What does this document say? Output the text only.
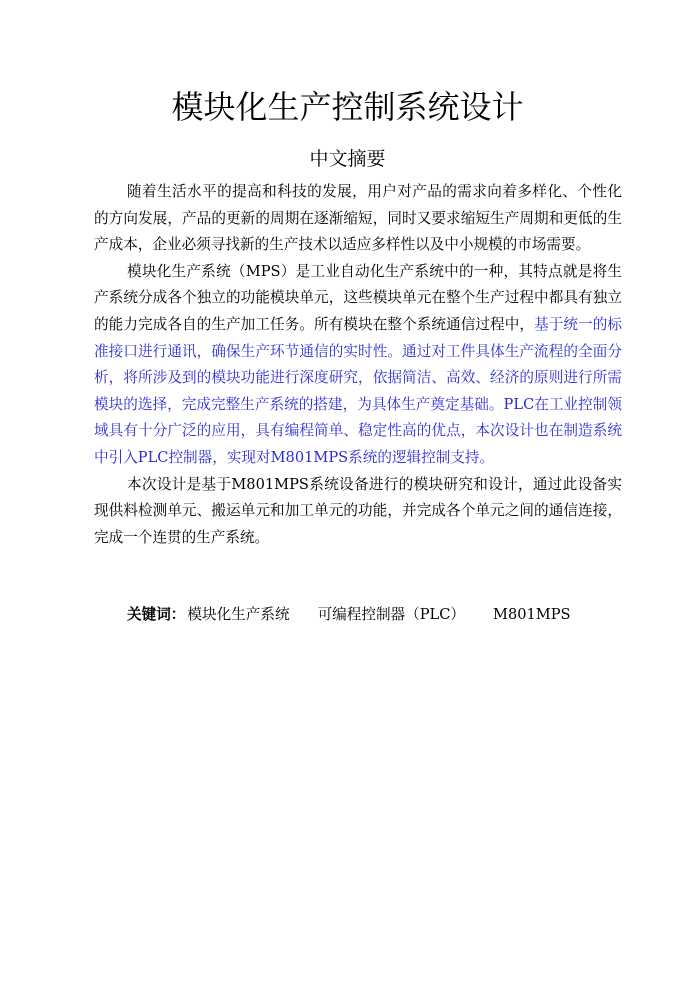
模块化生产控制系统设计
中文摘要

随着生活水平的提高和科技的发展，用户对产品的需求向着多样化、个性化的方向发展，产品的更新的周期在逐渐缩短，同时又要求缩短生产周期和更低的生产成本，企业必须寻找新的生产技术以适应多样性以及中小规模的市场需要。

模块化生产系统（MPS）是工业自动化生产系统中的一种，其特点就是将生产系统分成各个独立的功能模块单元，这些模块单元在整个生产过程中都具有独立的能力完成各自的生产加工任务。所有模块在整个系统通信过程中，基于统一的标准接口进行通讯，确保生产环节通信的实时性。通过对工件具体生产流程的全面分析，将所涉及到的模块功能进行深度研究，依据简洁、高效、经济的原则进行所需模块的选择，完成完整生产系统的搭建，为具体生产奠定基础。PLC在工业控制领域具有十分广泛的应用，具有编程简单、稳定性高的优点，本次设计也在制造系统中引入PLC控制器，实现对M801MPS系统的逻辑控制支持。

本次设计是基于M801MPS系统设备进行的模块研究和设计，通过此设备实现供料检测单元、搬运单元和加工单元的功能，并完成各个单元之间的通信连接，完成一个连贯的生产系统。

关键词： 模块化生产系统 可编程控制器（PLC） M801MPS
